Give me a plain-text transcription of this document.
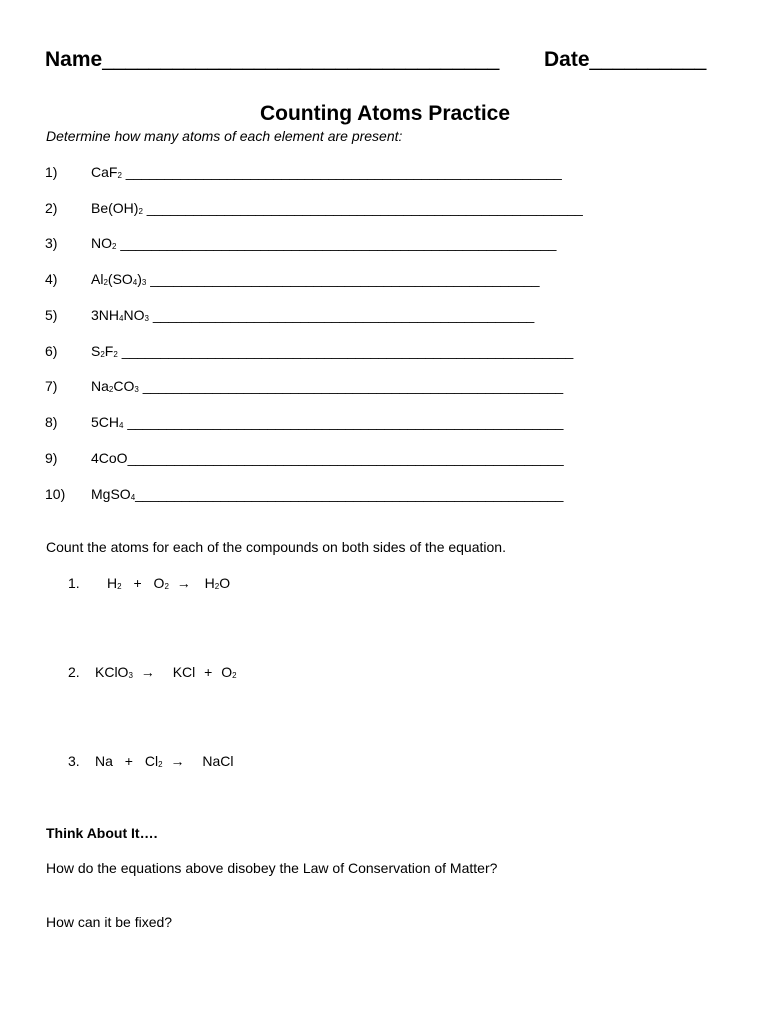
Name__________________________________ Date__________
Counting Atoms Practice
Determine how many atoms of each element are present:
1) CaF$_2$ ________________________________________________________
2) $Be(OH)_2$ ________________________________________________________
3) $NO_2$ ________________________________________________________
4) $Al_2(SO_4)_3$ __________________________________________________
5) $3NH_4NO_3$ _________________________________________________
6) $S_2F_2$ __________________________________________________________
7) $Na_2CO_3$ ______________________________________________________
8) $5CH_4$ ________________________________________________________
9) 4CoO________________________________________________________
10) MgSO$_4$_______________________________________________________
Count the atoms for each of the compounds on both sides of the equation.
1. $H_2 + O_2 \to H_2O$
2. KClO$_3$ → KCl + $O_2$
3. $Na + Cl_2$ → NaCl
Think About It….
How do the equations above disobey the Law of Conservation of Matter?
How can it be fixed?
